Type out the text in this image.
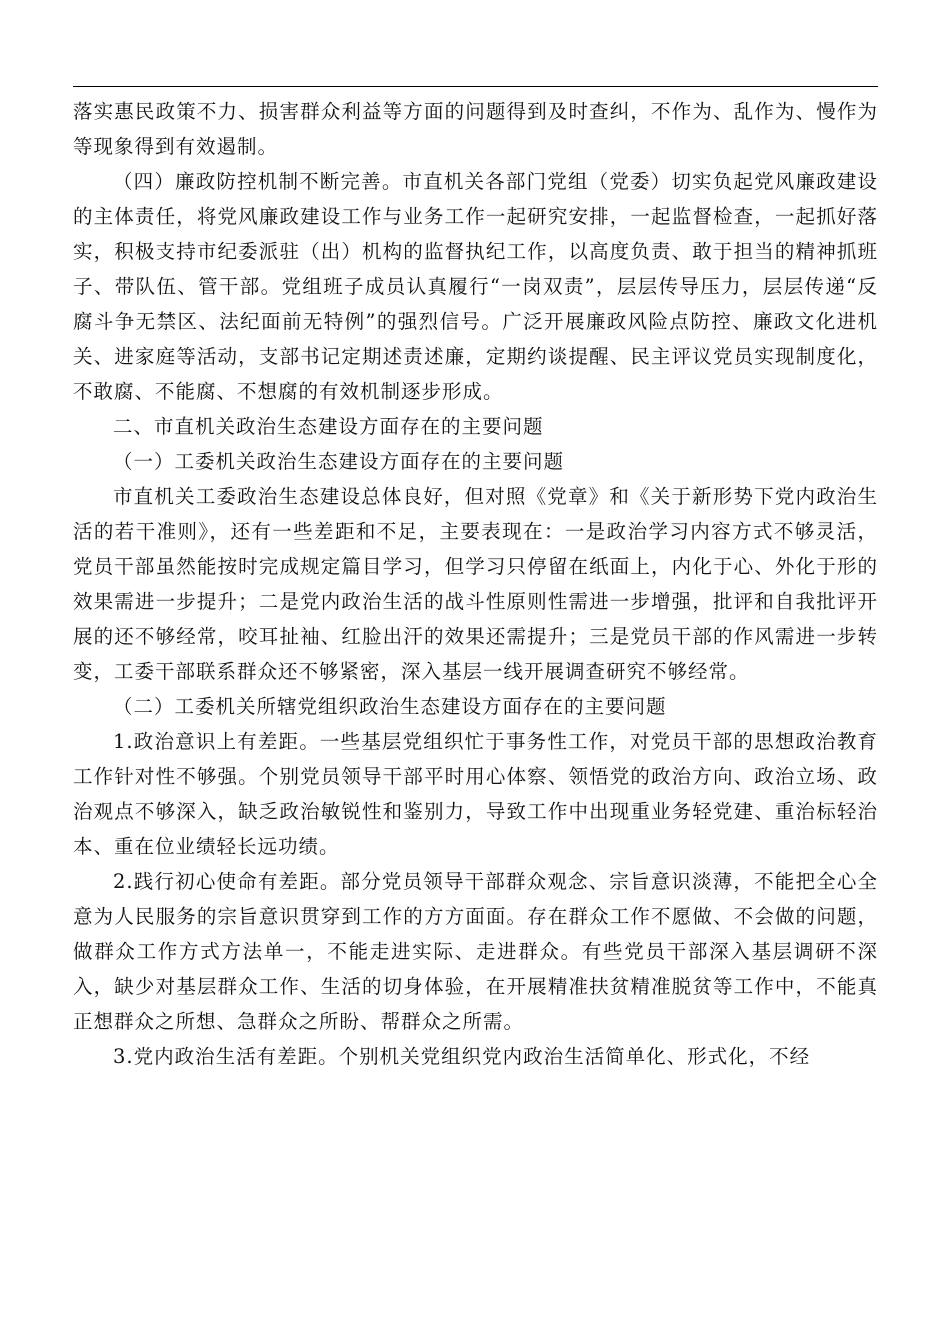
落实惠民政策不力、损害群众利益等方面的问题得到及时查纠，不作为、乱作为、慢作为等现象得到有效遏制。

（四）廉政防控机制不断完善。市直机关各部门党组（党委）切实负起党风廉政建设的主体责任，将党风廉政建设工作与业务工作一起研究安排，一起监督检查，一起抓好落实，积极支持市纪委派驻（出）机构的监督执纪工作，以高度负责、敢于担当的精神抓班子、带队伍、管干部。党组班子成员认真履行“一岗双责”，层层传导压力，层层传递“反腐斗争无禁区、法纪面前无特例”的强烈信号。广泛开展廉政风险点防控、廉政文化进机关、进家庭等活动，支部书记定期述责述廉，定期约谈提醒、民主评议党员实现制度化，不敢腐、不能腐、不想腐的有效机制逐步形成。

二、市直机关政治生态建设方面存在的主要问题

（一）工委机关政治生态建设方面存在的主要问题

市直机关工委政治生态建设总体良好，但对照《党章》和《关于新形势下党内政治生活的若干准则》，还有一些差距和不足，主要表现在：一是政治学习内容方式不够灵活，党员干部虽然能按时完成规定篇目学习，但学习只停留在纸面上，内化于心、外化于形的效果需进一步提升；二是党内政治生活的战斗性原则性需进一步增强，批评和自我批评开展的还不够经常，咬耳扯袖、红脸出汗的效果还需提升；三是党员干部的作风需进一步转变，工委干部联系群众还不够紧密，深入基层一线开展调查研究不够经常。

（二）工委机关所辖党组织政治生态建设方面存在的主要问题

1.政治意识上有差距。一些基层党组织忙于事务性工作，对党员干部的思想政治教育工作针对性不够强。个别党员领导干部平时用心体察、领悟党的政治方向、政治立场、政治观点不够深入，缺乏政治敏锐性和鉴别力，导致工作中出现重业务轻党建、重治标轻治本、重在位业绩轻长远功绩。

2.践行初心使命有差距。部分党员领导干部群众观念、宗旨意识淡薄，不能把全心全意为人民服务的宗旨意识贯穿到工作的方方面面。存在群众工作不愿做、不会做的问题，做群众工作方式方法单一，不能走进实际、走进群众。有些党员干部深入基层调研不深入，缺少对基层群众工作、生活的切身体验，在开展精准扶贫精准脱贫等工作中，不能真正想群众之所想、急群众之所盼、帮群众之所需。

3.党内政治生活有差距。个别机关党组织党内政治生活简单化、形式化，不经
